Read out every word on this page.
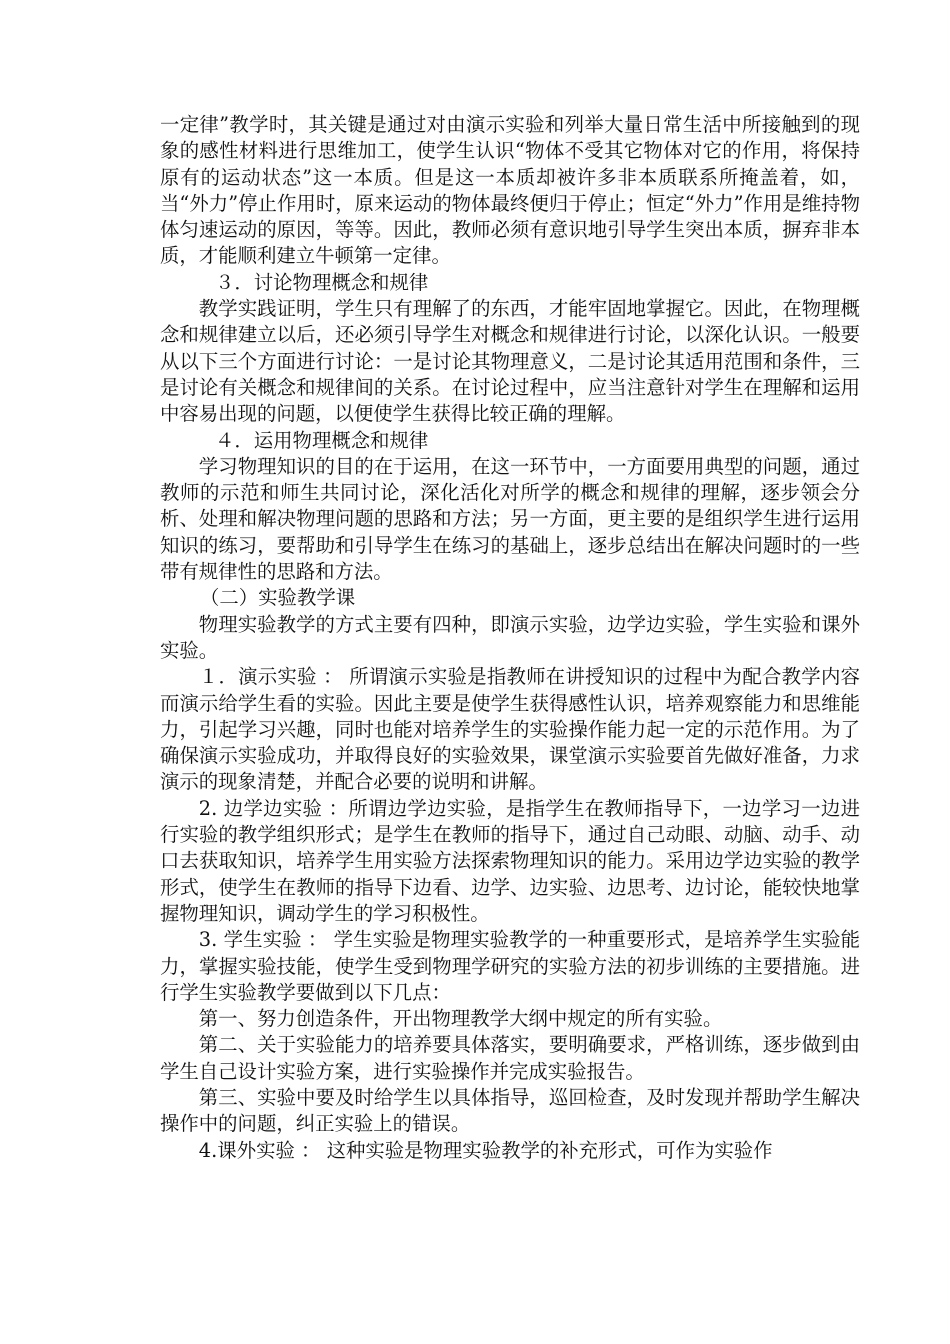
一定律”教学时，其关键是通过对由演示实验和列举大量日常生活中所接触到的现象的感性材料进行思维加工，使学生认识“物体不受其它物体对它的作用，将保持原有的运动状态”这一本质。但是这一本质却被许多非本质联系所掩盖着，如，当“外力”停止作用时，原来运动的物体最终便归于停止；恒定“外力”作用是维持物体匀速运动的原因，等等。因此，教师必须有意识地引导学生突出本质，摒弃非本质，才能顺利建立牛顿第一定律。

３．讨论物理概念和规律

教学实践证明，学生只有理解了的东西，才能牢固地掌握它。因此，在物理概念和规律建立以后，还必须引导学生对概念和规律进行讨论，以深化认识。一般要从以下三个方面进行讨论：一是讨论其物理意义，二是讨论其适用范围和条件，三是讨论有关概念和规律间的关系。在讨论过程中，应当注意针对学生在理解和运用中容易出现的问题，以便使学生获得比较正确的理解。

４．运用物理概念和规律

学习物理知识的目的在于运用，在这一环节中，一方面要用典型的问题，通过教师的示范和师生共同讨论，深化活化对所学的概念和规律的理解，逐步领会分析、处理和解决物理问题的思路和方法；另一方面，更主要的是组织学生进行运用知识的练习，要帮助和引导学生在练习的基础上，逐步总结出在解决问题时的一些带有规律性的思路和方法。

（二）实验教学课

物理实验教学的方式主要有四种，即演示实验，边学边实验，学生实验和课外实验。

１．演示实验 ： 所谓演示实验是指教师在讲授知识的过程中为配合教学内容而演示给学生看的实验。因此主要是使学生获得感性认识，培养观察能力和思维能力，引起学习兴趣，同时也能对培养学生的实验操作能力起一定的示范作用。为了确保演示实验成功，并取得良好的实验效果，课堂演示实验要首先做好准备，力求演示的现象清楚，并配合必要的说明和讲解。

2. 边学边实验 ：所谓边学边实验，是指学生在教师指导下，一边学习一边进行实验的教学组织形式；是学生在教师的指导下，通过自己动眼、动脑、动手、动口去获取知识，培养学生用实验方法探索物理知识的能力。采用边学边实验的教学形式，使学生在教师的指导下边看、边学、边实验、边思考、边讨论，能较快地掌握物理知识，调动学生的学习积极性。

3. 学生实验 ： 学生实验是物理实验教学的一种重要形式，是培养学生实验能力，掌握实验技能，使学生受到物理学研究的实验方法的初步训练的主要措施。进行学生实验教学要做到以下几点：

第一、努力创造条件，开出物理教学大纲中规定的所有实验。

第二、关于实验能力的培养要具体落实，要明确要求，严格训练，逐步做到由学生自己设计实验方案，进行实验操作并完成实验报告。

第三、实验中要及时给学生以具体指导，巡回检查，及时发现并帮助学生解决操作中的问题，纠正实验上的错误。

4.课外实验 ： 这种实验是物理实验教学的补充形式，可作为实验作
